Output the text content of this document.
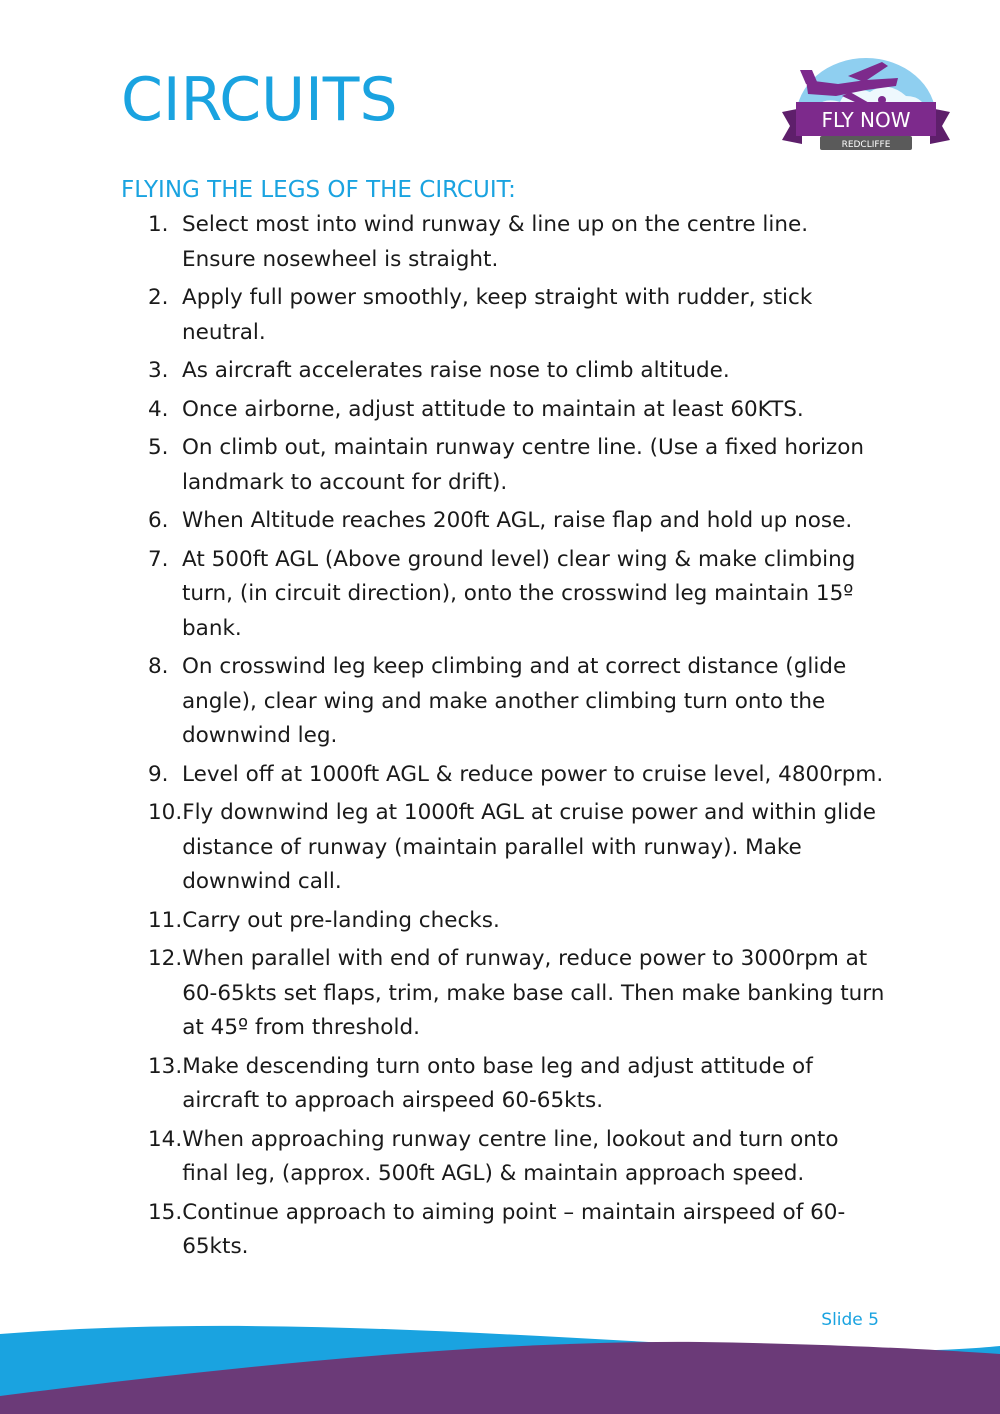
CIRCUITS	FLY NOW
REDCLIFFE
FLYING THE LEGS OF THE CIRCUIT:
1. Select most into wind runway & line up on the centre line. Ensure nosewheel is straight.
2. Apply full power smoothly, keep straight with rudder, stick neutral.
3. As aircraft accelerates raise nose to climb altitude.
4. Once airborne, adjust attitude to maintain at least 60KTS.
5. On climb out, maintain runway centre line. (Use a fixed horizon landmark to account for drift).
6. When Altitude reaches 200ft AGL, raise flap and hold up nose.
7. At 500ft AGL (Above ground level) clear wing & make climbing turn, (in circuit direction), onto the crosswind leg maintain 15º bank.
8. On crosswind leg keep climbing and at correct distance (glide angle), clear wing and make another climbing turn onto the downwind leg.
9. Level off at 1000ft AGL & reduce power to cruise level, 4800rpm.
10. Fly downwind leg at 1000ft AGL at cruise power and within glide distance of runway (maintain parallel with runway). Make downwind call.
11. Carry out pre-landing checks.
12. When parallel with end of runway, reduce power to 3000rpm at 60-65kts set flaps, trim, make base call. Then make banking turn at 45º from threshold.
13. Make descending turn onto base leg and adjust attitude of aircraft to approach airspeed 60-65kts.
14. When approaching runway centre line, lookout and turn onto final leg, (approx. 500ft AGL) & maintain approach speed.
15. Continue approach to aiming point – maintain airspeed of 60-65kts.
Slide 5
